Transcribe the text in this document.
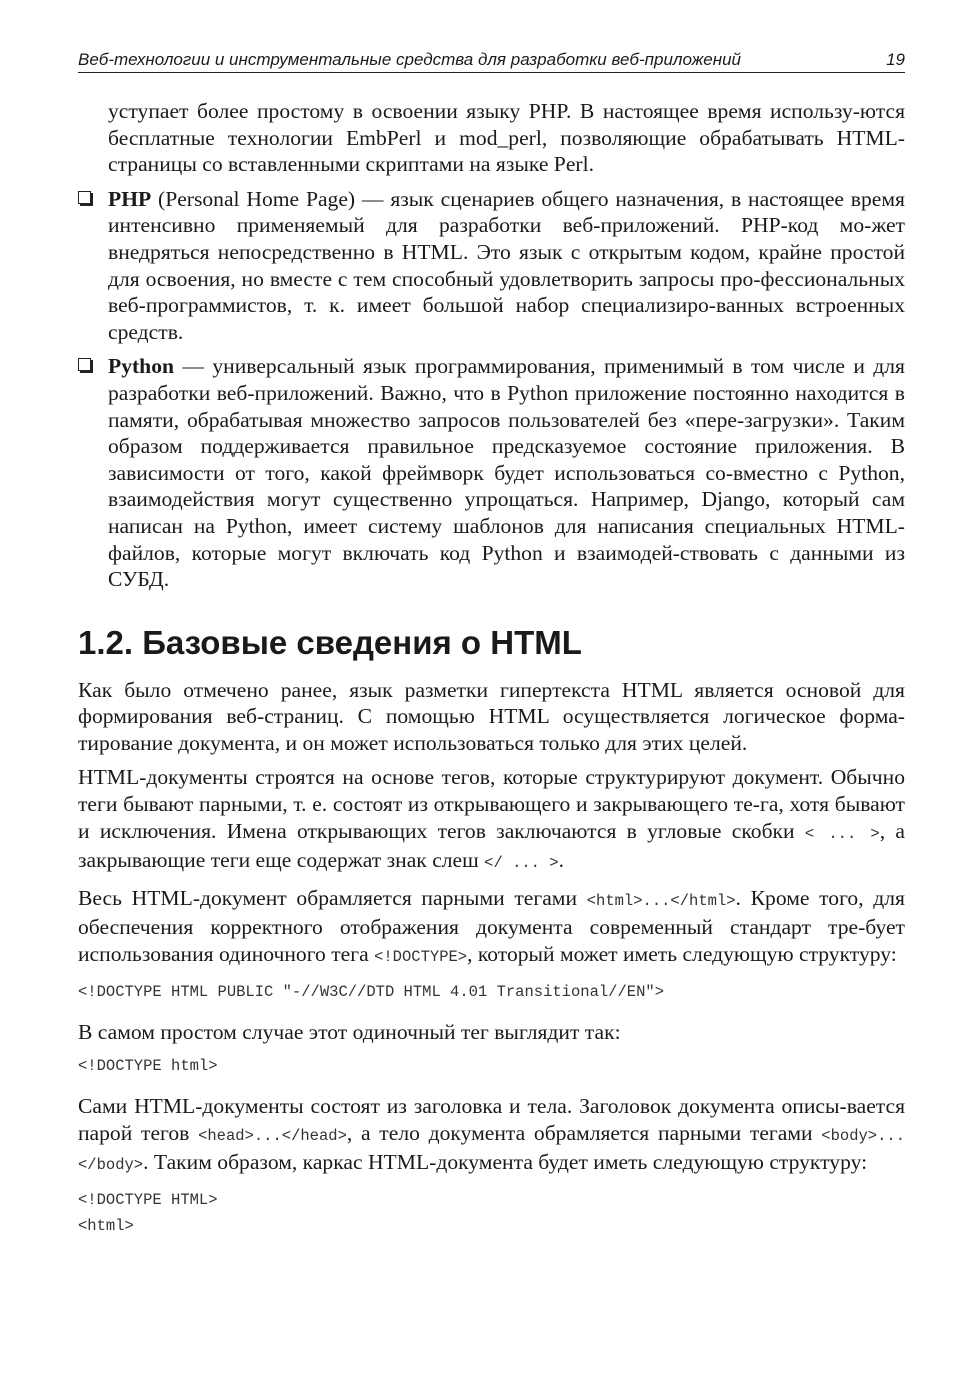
Веб-технологии и инструментальные средства для разработки веб-приложений	19

уступает более простому в освоении языку PHP. В настоящее время использу-ются бесплатные технологии EmbPerl и mod_perl, позволяющие обрабатывать HTML-страницы со вставленными скриптами на языке Perl.

PHP (Personal Home Page) — язык сценариев общего назначения, в настоящее время интенсивно применяемый для разработки веб-приложений. PHP-код мо-жет внедряться непосредственно в HTML. Это язык с открытым кодом, крайне простой для освоения, но вместе с тем способный удовлетворить запросы про-фессиональных веб-программистов, т. к. имеет большой набор специализиро-ванных встроенных средств.
Python — универсальный язык программирования, применимый в том числе и для разработки веб-приложений. Важно, что в Python приложение постоянно находится в памяти, обрабатывая множество запросов пользователей без «пере-загрузки». Таким образом поддерживается правильное предсказуемое состояние приложения. В зависимости от того, какой фреймворк будет использоваться со-вместно с Python, взаимодействия могут существенно упрощаться. Например, Django, который сам написан на Python, имеет систему шаблонов для написания специальных HTML-файлов, которые могут включать код Python и взаимодей-ствовать с данными из СУБД.
1.2. Базовые сведения о HTML

Как было отмечено ранее, язык разметки гипертекста HTML является основой для формирования веб-страниц. С помощью HTML осуществляется логическое форма-тирование документа, и он может использоваться только для этих целей.

HTML-документы строятся на основе тегов, которые структурируют документ. Обычно теги бывают парными, т. е. состоят из открывающего и закрывающего те-га, хотя бывают и исключения. Имена открывающих тегов заключаются в угловые скобки < ... >, а закрывающие теги еще содержат знак слеш </ ... >.

Весь HTML-документ обрамляется парными тегами <html>...</html>. Кроме того, для обеспечения корректного отображения документа современный стандарт тре-бует использования одиночного тега <!DOCTYPE>, который может иметь следующую структуру:

<!DOCTYPE HTML PUBLIC "-//W3C//DTD HTML 4.01 Transitional//EN">

В самом простом случае этот одиночный тег выглядит так:

<!DOCTYPE html>

Сами HTML-документы состоят из заголовка и тела. Заголовок документа описы-вается парой тегов <head>...</head>, а тело документа обрамляется парными тегами <body>...</body>. Таким образом, каркас HTML-документа будет иметь следующую структуру:

<!DOCTYPE HTML>
<html>
